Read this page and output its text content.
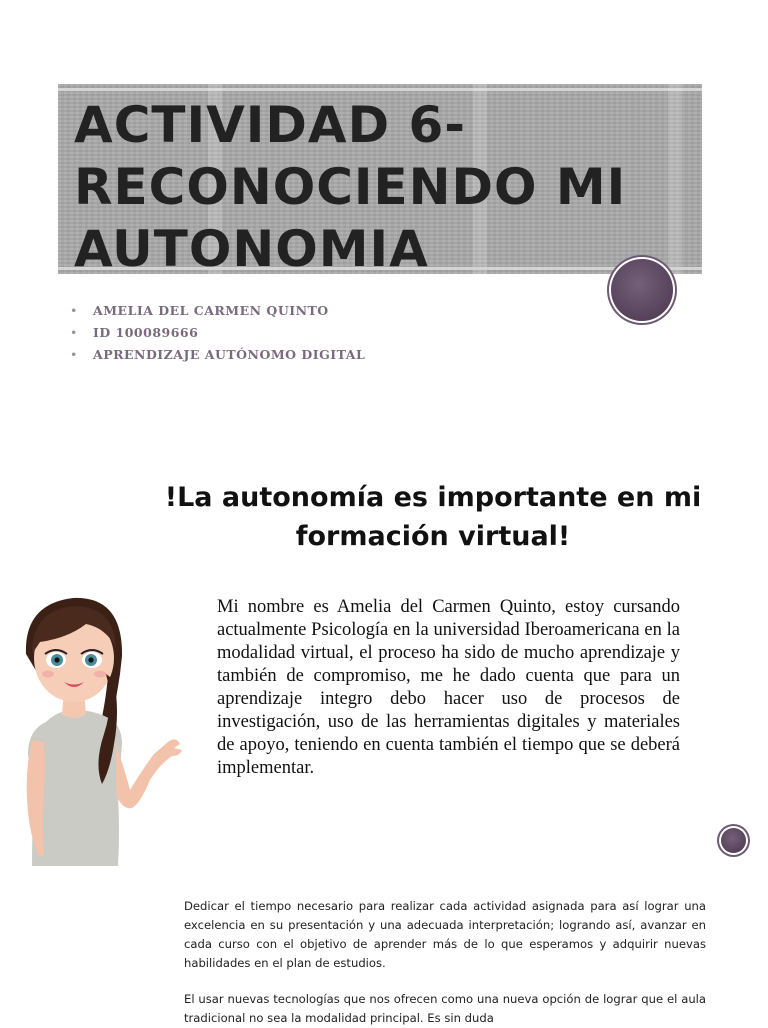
ACTIVIDAD 6- RECONOCIENDO MI AUTONOMIA
• AMELIA DEL CARMEN QUINTO
• ID 100089666
• APRENDIZAJE AUTÓNOMO DIGITAL
!La autonomía es importante en mi formación virtual!

Mi nombre es Amelia del Carmen Quinto, estoy cursando actualmente Psicología en la universidad Iberoamericana en la modalidad virtual, el proceso ha sido de mucho aprendizaje y también de compromiso, me he dado cuenta que para un aprendizaje integro debo hacer uso de procesos de investigación, uso de las herramientas digitales y materiales de apoyo, teniendo en cuenta también el tiempo que se deberá implementar.

Dedicar el tiempo necesario para realizar cada actividad asignada para así lograr una excelencia en su presentación y una adecuada interpretación; logrando así, avanzar en cada curso con el objetivo de aprender más de lo que esperamos y adquirir nuevas habilidades en el plan de estudios.

El usar nuevas tecnologías que nos ofrecen como una nueva opción de lograr que el aula tradicional no sea la modalidad principal. Es sin duda
